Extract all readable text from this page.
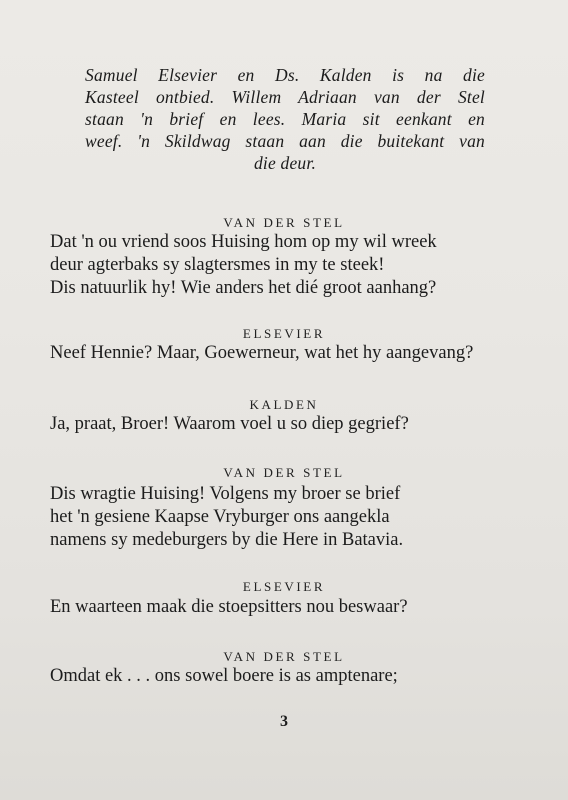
Samuel Elsevier en Ds. Kalden is na die
Kasteel ontbied. Willem Adriaan van der Stel
staan 'n brief en lees. Maria sit eenkant en
weef. 'n Skildwag staan aan die buitekant van
die deur.
VAN DER STEL
Dat 'n ou vriend soos Huising hom op my wil wreek
deur agterbaks sy slagtersmes in my te steek!
Dis natuurlik hy! Wie anders het dié groot aanhang?
ELSEVIER
Neef Hennie? Maar, Goewerneur, wat het hy aangevang?
KALDEN
Ja, praat, Broer! Waarom voel u so diep gegrief?
VAN DER STEL
Dis wragtie Huising! Volgens my broer se brief
het 'n gesiene Kaapse Vryburger ons aangekla
namens sy medeburgers by die Here in Batavia.
ELSEVIER
En waarteen maak die stoepsitters nou beswaar?
VAN DER STEL
Omdat ek . . . ons sowel boere is as amptenare;
3
